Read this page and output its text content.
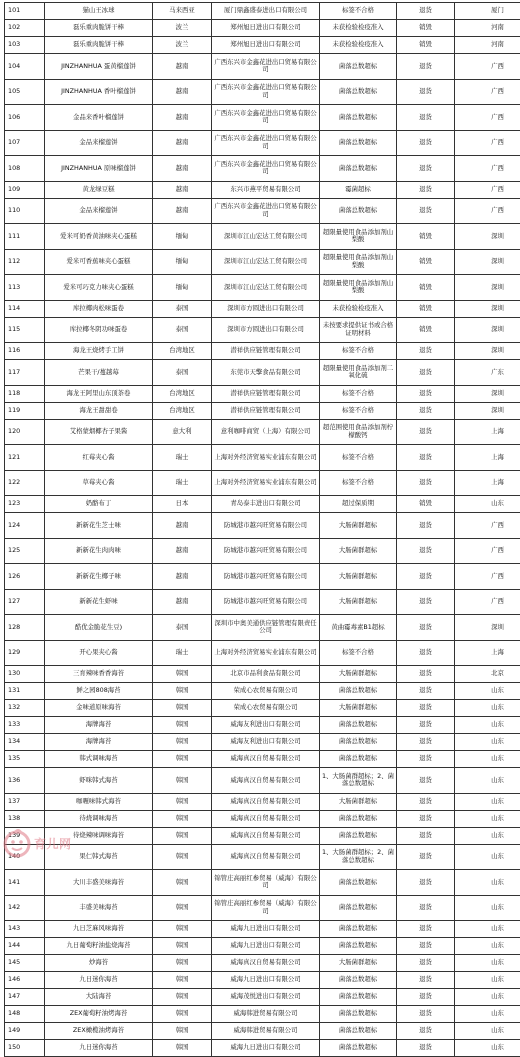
101	猫山王冰球	马来西亚	厦门鼎鑫盛泰进出口有限公司	标签不合格	退货	厦门
102	磊乐重肉脆饼干棒	波兰	郑州旭日进出口有限公司	未获检验检疫准入	销毁	河南
103	磊乐重肉脆饼干棒	波兰	郑州旭日进出口有限公司	未获检验检疫准入	销毁	河南
104	JINZHANHUA 蛋黄榴莲饼	越南	广西东兴市金鑫花进出口贸易有限公司	菌落总数超标	退货	广西
105	JINZHANHUA 香叶榴莲饼	越南	广西东兴市金鑫花进出口贸易有限公司	菌落总数超标	退货	广西
106	金品来香叶榴莲饼	越南	广西东兴市金鑫花进出口贸易有限公司	菌落总数超标	退货	广西
107	金品来榴莲饼	越南	广西东兴市金鑫花进出口贸易有限公司	菌落总数超标	退货	广西
108	JINZHANHUA 原味榴莲饼	越南	广西东兴市金鑫花进出口贸易有限公司	菌落总数超标	退货	广西
109	黄龙绿豆糕	越南	东兴市燕平贸易有限公司	霉菌超标	退货	广西
110	金品来榴莲饼	越南	广西东兴市金鑫花进出口贸易有限公司	菌落总数超标	退货	广西
111	爱米可奶香黄油味夹心蛋糕	缅甸	深圳市江山宏达工贸有限公司	超限量使用食品添加剂山梨酸	销毁	深圳
112	爱米可香蕉味夹心蛋糕	缅甸	深圳市江山宏达工贸有限公司	超限量使用食品添加剂山梨酸	销毁	深圳
113	爱米可巧克力味夹心蛋糕	缅甸	深圳市江山宏达工贸有限公司	超限量使用食品添加剂山梨酸	销毁	深圳
114	库拉椰肉松味蛋卷	泰国	深圳市方圆进出口有限公司	未获检验检疫准入	销毁	深圳
115	库拉椰冬阴功味蛋卷	泰国	深圳市方圆进出口有限公司	未按要求提供证书或合格证明材料	销毁	深圳
116	海龙王烧烤手工饼	台湾地区	潜祥供应链管理有限公司	标签不合格	退货	深圳
117	芒果干/蔓越莓	泰国	东莞市天擎食品有限公司	超限量使用食品添加剂二氧化硫	退货	广东
118	海龙王阿里山东顶茶卷	台湾地区	潜祥供应链管理有限公司	标签不合格	退货	深圳
119	海龙王甜甜卷	台湾地区	潜祥供应链管理有限公司	标签不合格	退货	深圳
120	艾格蒙烟椰杏子果酱	意大利	意利咖啡商贸（上海）有限公司	超范围使用食品添加剂柠檬酸钙	退货	上海
121	红莓夹心酱	瑞士	上海对外经济贸易实业浦东有限公司	标签不合格	退货	上海
122	草莓夹心酱	瑞士	上海对外经济贸易实业浦东有限公司	标签不合格	退货	上海
123	奶酪布丁	日本	青岛泰丰进出口有限公司	超过保质期	销毁	山东
124	新新花生芝士味	越南	防城港市越兴旺贸易有限公司	大肠菌群超标	退货	广西
125	新新花生肉肉味	越南	防城港市越兴旺贸易有限公司	大肠菌群超标	退货	广西
126	新新花生椰子味	越南	防城港市越兴旺贸易有限公司	大肠菌群超标	退货	广西
127	新新花生虾味	越南	防城港市越兴旺贸易有限公司	大肠菌群超标	退货	广西
128	酷优金脆花生豆)	泰国	深圳市中奥美通供应链管理有限责任公司	黄曲霉毒素B1超标	退货	深圳
129	开心果夹心酱	瑞士	上海对外经济贸易实业浦东有限公司	标签不合格	退货	上海
130	三育辣味香香海苔	韩国	北京市品利食品有限公司	大肠菌群超标	退货	北京
131	鲜之园808海苔	韩国	荣成心农贸易有限公司	菌落总数超标	退货	山东
132	金味道原味海苔	韩国	荣成心农贸易有限公司	大肠菌群超标	退货	山东
133	海牌海苔	韩国	威海友利进出口有限公司	菌落总数超标	退货	山东
134	海牌海苔	韩国	威海友利进出口有限公司	菌落总数超标	退货	山东
135	韩式调味海苔	韩国	威海真汉自贸易有限公司	菌落总数超标	退货	山东
136	虾咪韩式海苔	韩国	威海真汉自贸易有限公司	1、大肠菌群超标；2、菌落总数超标	退货	山东
137	咖喱味韩式海苔	韩国	威海真汉自贸易有限公司	大肠菌群超标	退货	山东
138	待烧调味海苔	韩国	威海真汉自贸易有限公司	菌落总数超标	退货	山东
139	待烧辣味调味海苔	韩国	威海真汉自贸易有限公司	菌落总数超标	退货	山东
140	果仁韩式海苔	韩国	威海真汉自贸易有限公司	1、大肠菌群超标；2、菌落总数超标	退货	山东
141	大川丰盛美味海苔	韩国	锦管庄高丽红参贸易（威海）有限公司	菌落总数超标	退货	山东
142	丰盛美味海苔	韩国	锦管庄高丽红参贸易（威海）有限公司	菌落总数超标	退货	山东
143	九日芝麻风味海苔	韩国	威海九日进出口有限公司	菌落总数超标	退货	山东
144	九日葡萄籽油盐烧海苔	韩国	威海九日进出口有限公司	菌落总数超标	退货	山东
145	炒海苔	韩国	威海真汉自贸易有限公司	大肠菌群超标	退货	山东
146	九日迷你海苔	韩国	威海九日进出口有限公司	菌落总数超标	退货	山东
147	大陆海苔	韩国	威海茂悦进出口有限公司	菌落总数超标	退货	山东
148	ZEX葡萄籽油烤海苔	韩国	威海韩进贸易有限公司	菌落总数超标	退货	山东
149	ZEX橄榄油烤海苔	韩国	威海韩进贸易有限公司	菌落总数超标	退货	山东
150	九日迷你海苔	韩国	威海九日进出口有限公司	菌落总数超标	退货	山东
育儿网
